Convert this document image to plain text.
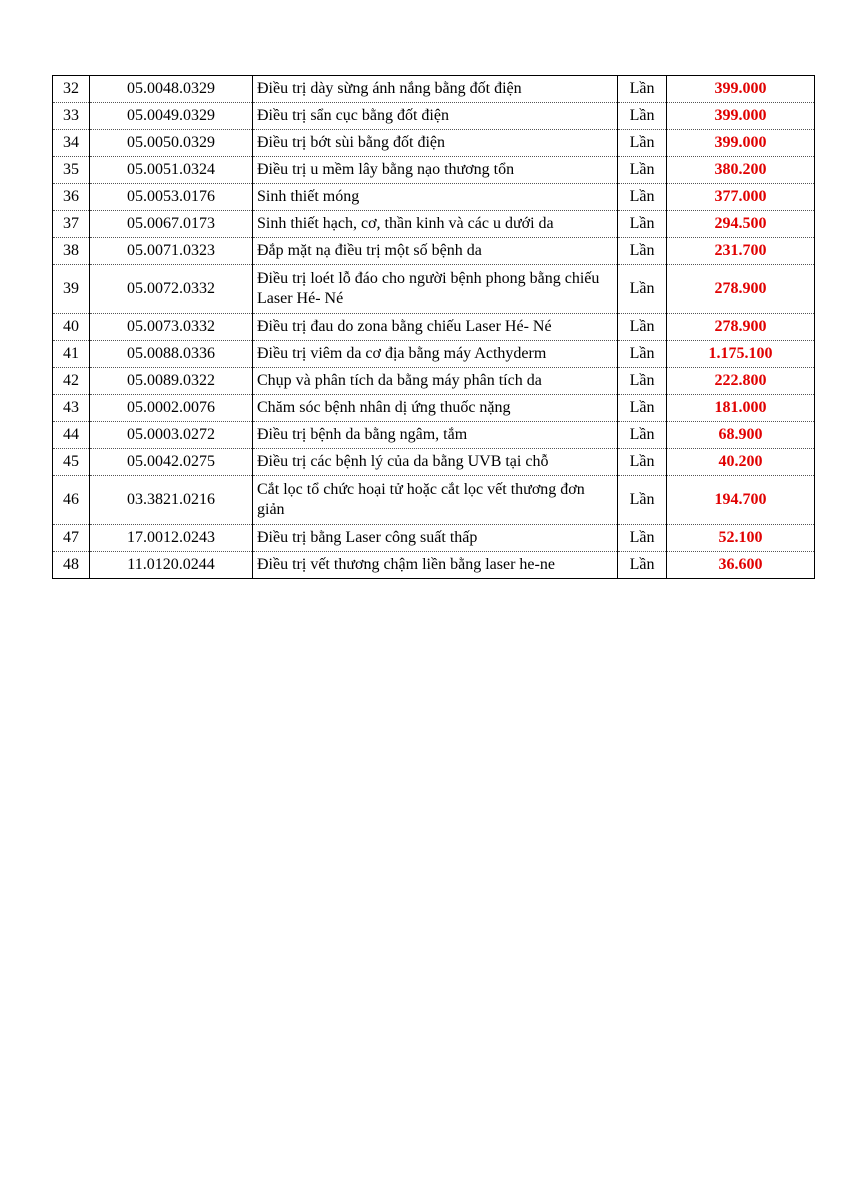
32	05.0048.0329	Điều trị dày sừng ánh nắng bằng đốt điện	Lần	399.000
33	05.0049.0329	Điều trị sẩn cục bằng đốt điện	Lần	399.000
34	05.0050.0329	Điều trị bớt sùi bằng đốt điện	Lần	399.000
35	05.0051.0324	Điều trị u mềm lây bằng nạo thương tổn	Lần	380.200
36	05.0053.0176	Sinh thiết móng	Lần	377.000
37	05.0067.0173	Sinh thiết hạch, cơ, thần kinh và các u dưới da	Lần	294.500
38	05.0071.0323	Đắp mặt nạ điều trị một số bệnh da	Lần	231.700
39	05.0072.0332	Điều trị loét lỗ đáo cho người bệnh phong bằng chiếu Laser Hé- Né	Lần	278.900
40	05.0073.0332	Điều trị đau do zona bằng chiếu Laser Hé- Né	Lần	278.900
41	05.0088.0336	Điều trị viêm da cơ địa bằng máy Acthyderm	Lần	1.175.100
42	05.0089.0322	Chụp và phân tích da bằng máy phân tích da	Lần	222.800
43	05.0002.0076	Chăm sóc bệnh nhân dị ứng thuốc nặng	Lần	181.000
44	05.0003.0272	Điều trị bệnh da bằng ngâm, tắm	Lần	68.900
45	05.0042.0275	Điều trị các bệnh lý của da bằng UVB tại chỗ	Lần	40.200
46	03.3821.0216	Cắt lọc tổ chức hoại tử hoặc cắt lọc vết thương đơn giản	Lần	194.700
47	17.0012.0243	Điều trị bằng Laser công suất thấp	Lần	52.100
48	11.0120.0244	Điều trị vết thương chậm liền bằng laser he-ne	Lần	36.600
